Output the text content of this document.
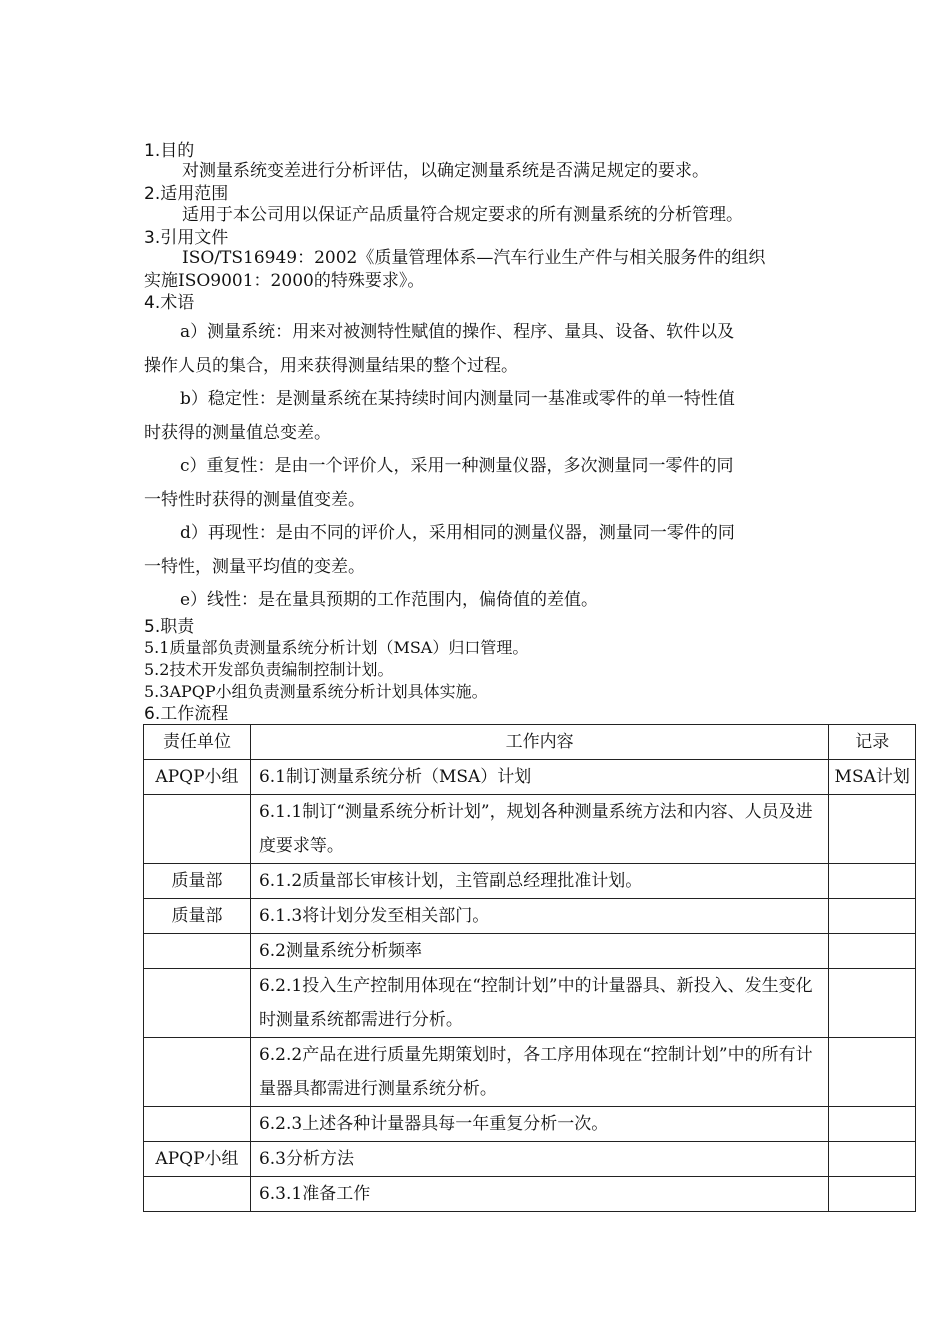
1.目的
对测量系统变差进行分析评估，以确定测量系统是否满足规定的要求。
2.适用范围
适用于本公司用以保证产品质量符合规定要求的所有测量系统的分析管理。
3.引用文件
ISO/TS16949：2002《质量管理体系—汽车行业生产件与相关服务件的组织
实施ISO9001：2000的特殊要求》。
4.术语
a）测量系统：用来对被测特性赋值的操作、程序、量具、设备、软件以及
操作人员的集合，用来获得测量结果的整个过程。
b）稳定性：是测量系统在某持续时间内测量同一基准或零件的单一特性值
时获得的测量值总变差。
c）重复性：是由一个评价人，采用一种测量仪器，多次测量同一零件的同
一特性时获得的测量值变差。
d）再现性：是由不同的评价人，采用相同的测量仪器，测量同一零件的同
一特性，测量平均值的变差。
e）线性：是在量具预期的工作范围内，偏倚值的差值。
5.职责
5.1质量部负责测量系统分析计划（MSA）归口管理。
5.2技术开发部负责编制控制计划。
5.3APQP小组负责测量系统分析计划具体实施。
6.工作流程
责任单位	工作内容	记录
APQP小组	6.1制订测量系统分析（MSA）计划	MSA计划
	6.1.1制订“测量系统分析计划”，规划各种测量系统方法和内容、人员及进度要求等。	
质量部	6.1.2质量部长审核计划，主管副总经理批准计划。	
质量部	6.1.3将计划分发至相关部门。	
	6.2测量系统分析频率	
	6.2.1投入生产控制用体现在“控制计划”中的计量器具、新投入、发生变化时测量系统都需进行分析。	
	6.2.2产品在进行质量先期策划时，各工序用体现在“控制计划”中的所有计量器具都需进行测量系统分析。	
	6.2.3上述各种计量器具每一年重复分析一次。	
APQP小组	6.3分析方法	
	6.3.1准备工作	
